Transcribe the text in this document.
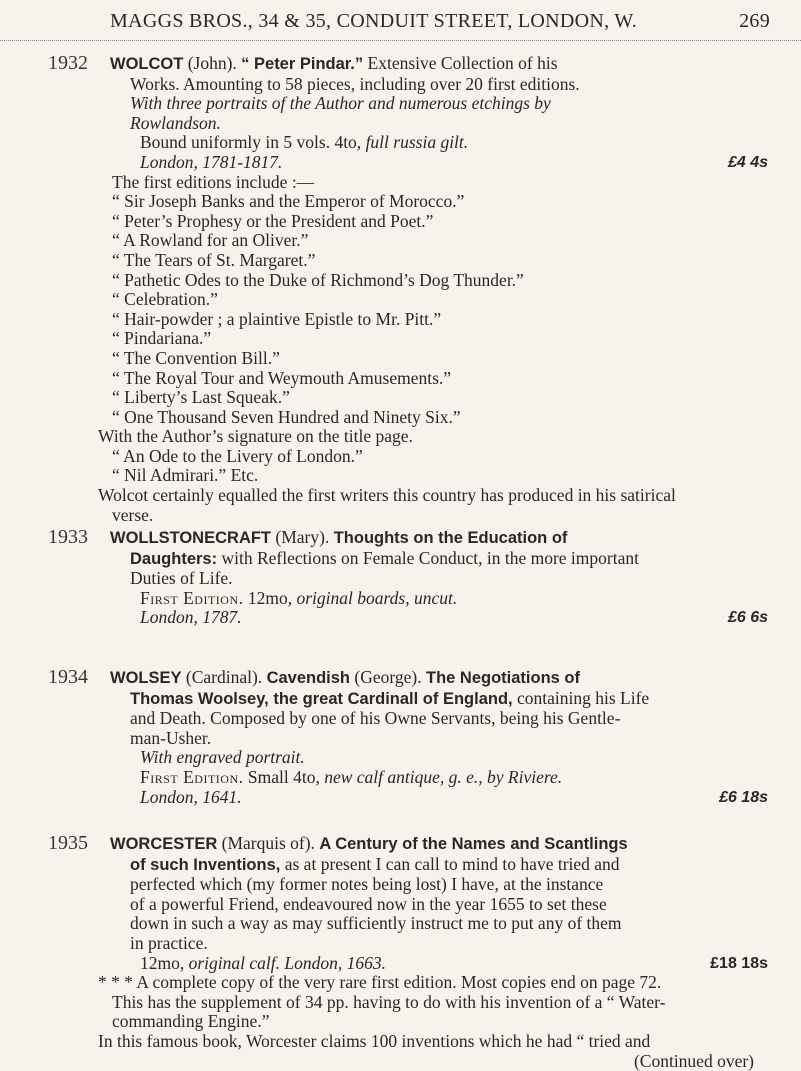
MAGGS BROS., 34 & 35, CONDUIT STREET, LONDON, W.	269
1932 WOLCOT (John). “ Peter Pindar.” Extensive Collection of his

Works. Amounting to 58 pieces, including over 20 first editions.

With three portraits of the Author and numerous etchings by

Rowlandson.

Bound uniformly in 5 vols. 4to, full russia gilt.

London, 1781-1817.	£4 4s

The first editions include :—

“ Sir Joseph Banks and the Emperor of Morocco.”

“ Peter’s Prophesy or the President and Poet.”

“ A Rowland for an Oliver.”

“ The Tears of St. Margaret.”

“ Pathetic Odes to the Duke of Richmond’s Dog Thunder.”

“ Celebration.”

“ Hair-powder ; a plaintive Epistle to Mr. Pitt.”

“ Pindariana.”

“ The Convention Bill.”

“ The Royal Tour and Weymouth Amusements.”

“ Liberty’s Last Squeak.”

“ One Thousand Seven Hundred and Ninety Six.”

With the Author’s signature on the title page.

“ An Ode to the Livery of London.”

“ Nil Admirari.” Etc.

Wolcot certainly equalled the first writers this country has produced in his satirical

verse.

1933 WOLLSTONECRAFT (Mary). Thoughts on the Education of

Daughters: with Reflections on Female Conduct, in the more important

Duties of Life.

First Edition. 12mo, original boards, uncut.

London, 1787.	£6 6s

1934 WOLSEY (Cardinal). Cavendish (George). The Negotiations of

Thomas Woolsey, the great Cardinall of England, containing his Life

and Death. Composed by one of his Owne Servants, being his Gentle-

man-Usher.

With engraved portrait.

First Edition. Small 4to, new calf antique, g. e., by Riviere.

London, 1641.	£6 18s

1935 WORCESTER (Marquis of). A Century of the Names and Scantlings

of such Inventions, as at present I can call to mind to have tried and

perfected which (my former notes being lost) I have, at the instance

of a powerful Friend, endeavoured now in the year 1655 to set these

down in such a way as may sufficiently instruct me to put any of them

in practice.

12mo, original calf. London, 1663.	£18 18s

* * * A complete copy of the very rare first edition. Most copies end on page 72.

This has the supplement of 34 pp. having to do with his invention of a “ Water-

commanding Engine.”

In this famous book, Worcester claims 100 inventions which he had “ tried and

(Continued over)
